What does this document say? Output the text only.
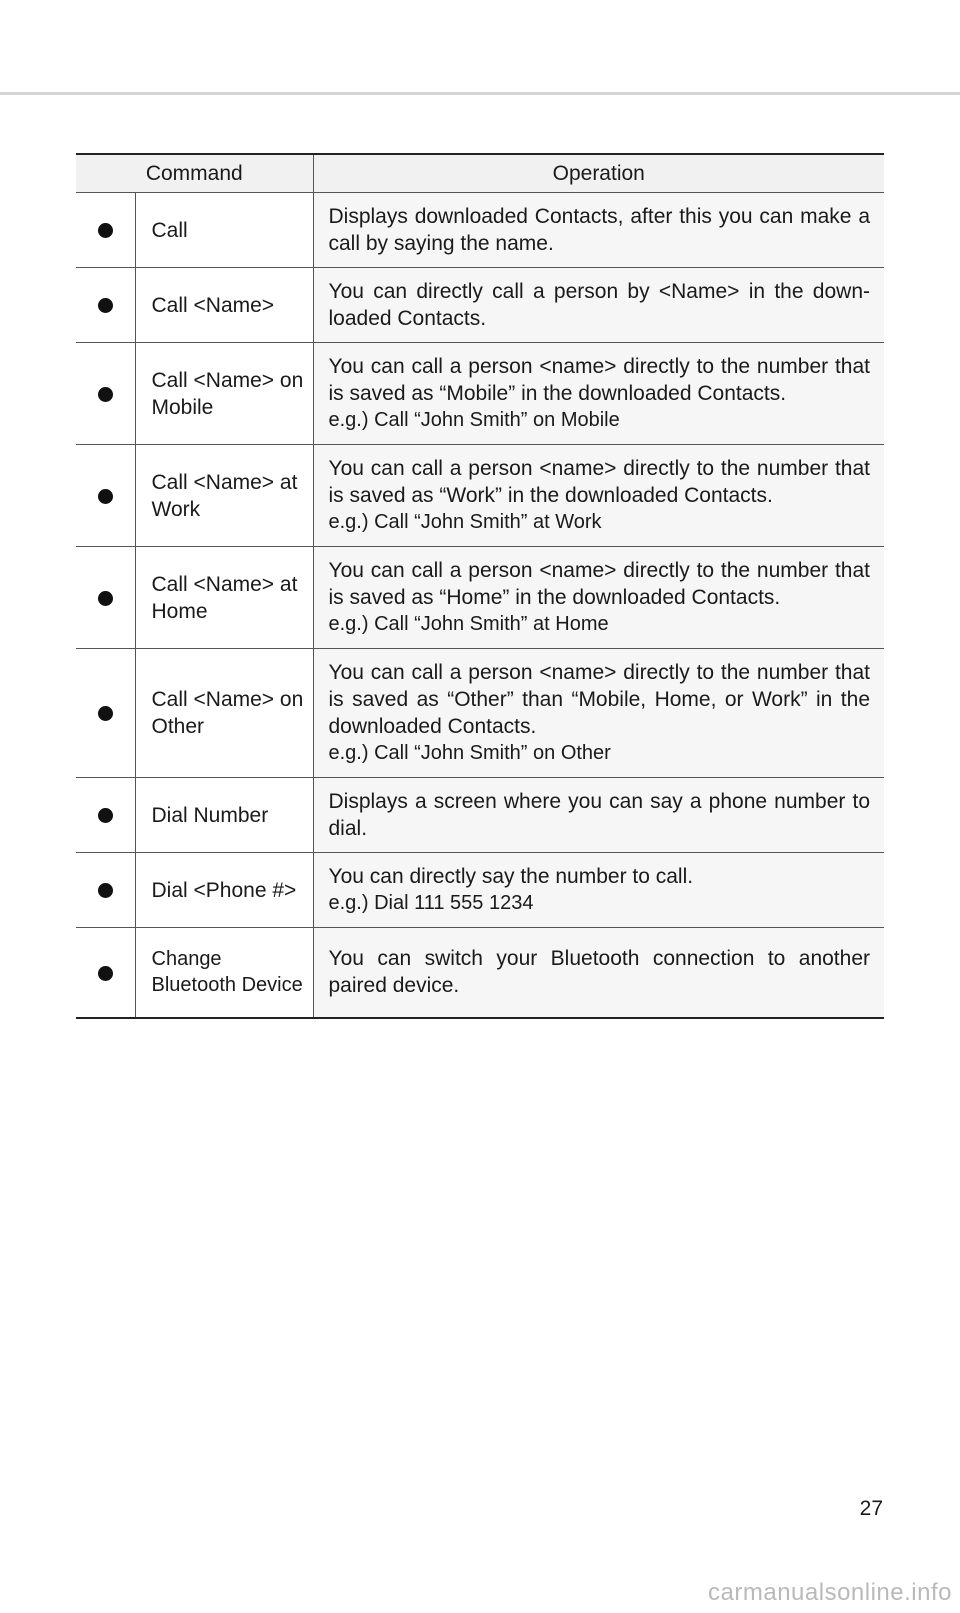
Command		Operation
	Call	Displays downloaded Contacts, after this you can make a call by saying the name.
	Call <Name>	You can directly call a person by <Name> in the down-loaded Contacts.
	Call <Name> on Mobile	You can call a person <name> directly to the number that is saved as “Mobile” in the downloaded Contacts.
e.g.) Call “John Smith” on Mobile

	Call <Name> at Work	You can call a person <name> directly to the number that is saved as “Work” in the downloaded Contacts.
e.g.) Call “John Smith” at Work

	Call <Name> at Home	You can call a person <name> directly to the number that is saved as “Home” in the downloaded Contacts.
e.g.) Call “John Smith” at Home

	Call <Name> on Other	You can call a person <name> directly to the number that is saved as “Other” than “Mobile, Home, or Work” in the downloaded Contacts.
e.g.) Call “John Smith” on Other

	Dial Number	Displays a screen where you can say a phone number to dial.
	Dial <Phone #>	You can directly say the number to call.
e.g.) Dial 111 555 1234

	Change Bluetooth Device	You can switch your Bluetooth connection to another paired device.
27
carmanualsonline.info
